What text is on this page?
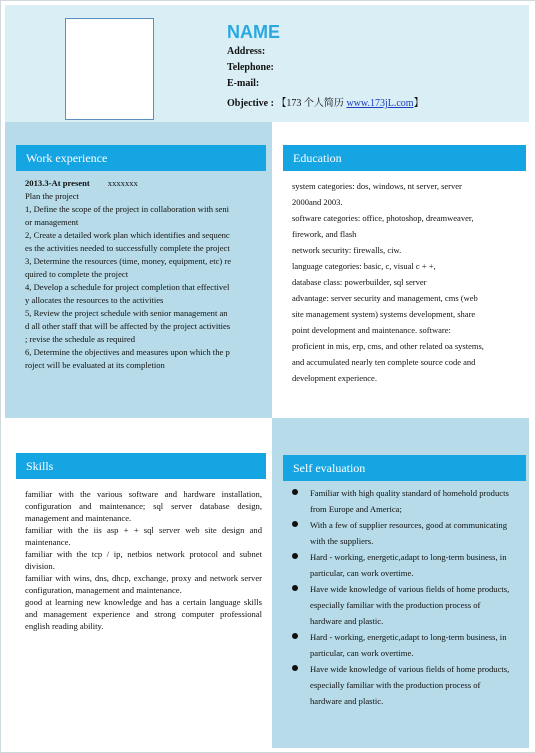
NAME
Address:
Telephone:
E-mail:
Objective : 【173 个人简历 www.173jL.com】
Work experience
2013.3-At present xxxxxxx
Plan the project
1, Define the scope of the project in collaboration with seni
or management
2, Create a detailed work plan which identifies and sequenc
es the activities needed to successfully complete the project
3, Determine the resources (time, money, equipment, etc) re
quired to complete the project
4, Develop a schedule for project completion that effectivel
y allocates the resources to the activities
5, Review the project schedule with senior management an
d all other staff that will be affected by the project activities
; revise the schedule as required
6, Determine the objectives and measures upon which the p
roject will be evaluated at its completion
Education
system categories: dos, windows, nt server, server
2000and 2003.
software categories: office, photoshop, dreamweaver,
firework, and flash
network security: firewalls, ciw.
language categories: basic, c, visual c + +,
database class: powerbuilder, sql server
advantage: server security and management, cms (web
site management system) systems development, share
point development and maintenance. software:
proficient in mis, erp, cms, and other related oa systems,
and accumulated nearly ten complete source code and
development experience.
Skills
familiar with the various software and hardware installation, configuration and maintenance; sql server database design, management and maintenance.
familiar with the iis asp + + sql server web site design and maintenance.
familiar with the tcp / ip, netbios network protocol and subnet division.
familiar with wins, dns, dhcp, exchange, proxy and network server configuration, management and maintenance.
good at learning new knowledge and has a certain language skills and management experience and strong computer professional english reading ability.
Self evaluation
Familiar with high quality standard of homehold products from Europe and America;
With a few of supplier resources, good at communicating with the suppliers.
Hard - working, energetic,adapt to long-term business, in particular, can work overtime.
Have wide knowledge of various fields of home products, especially familiar with the production process of hardware and plastic.
Hard - working, energetic,adapt to long-term business, in particular, can work overtime.
Have wide knowledge of various fields of home products, especially familiar with the production process of hardware and plastic.
